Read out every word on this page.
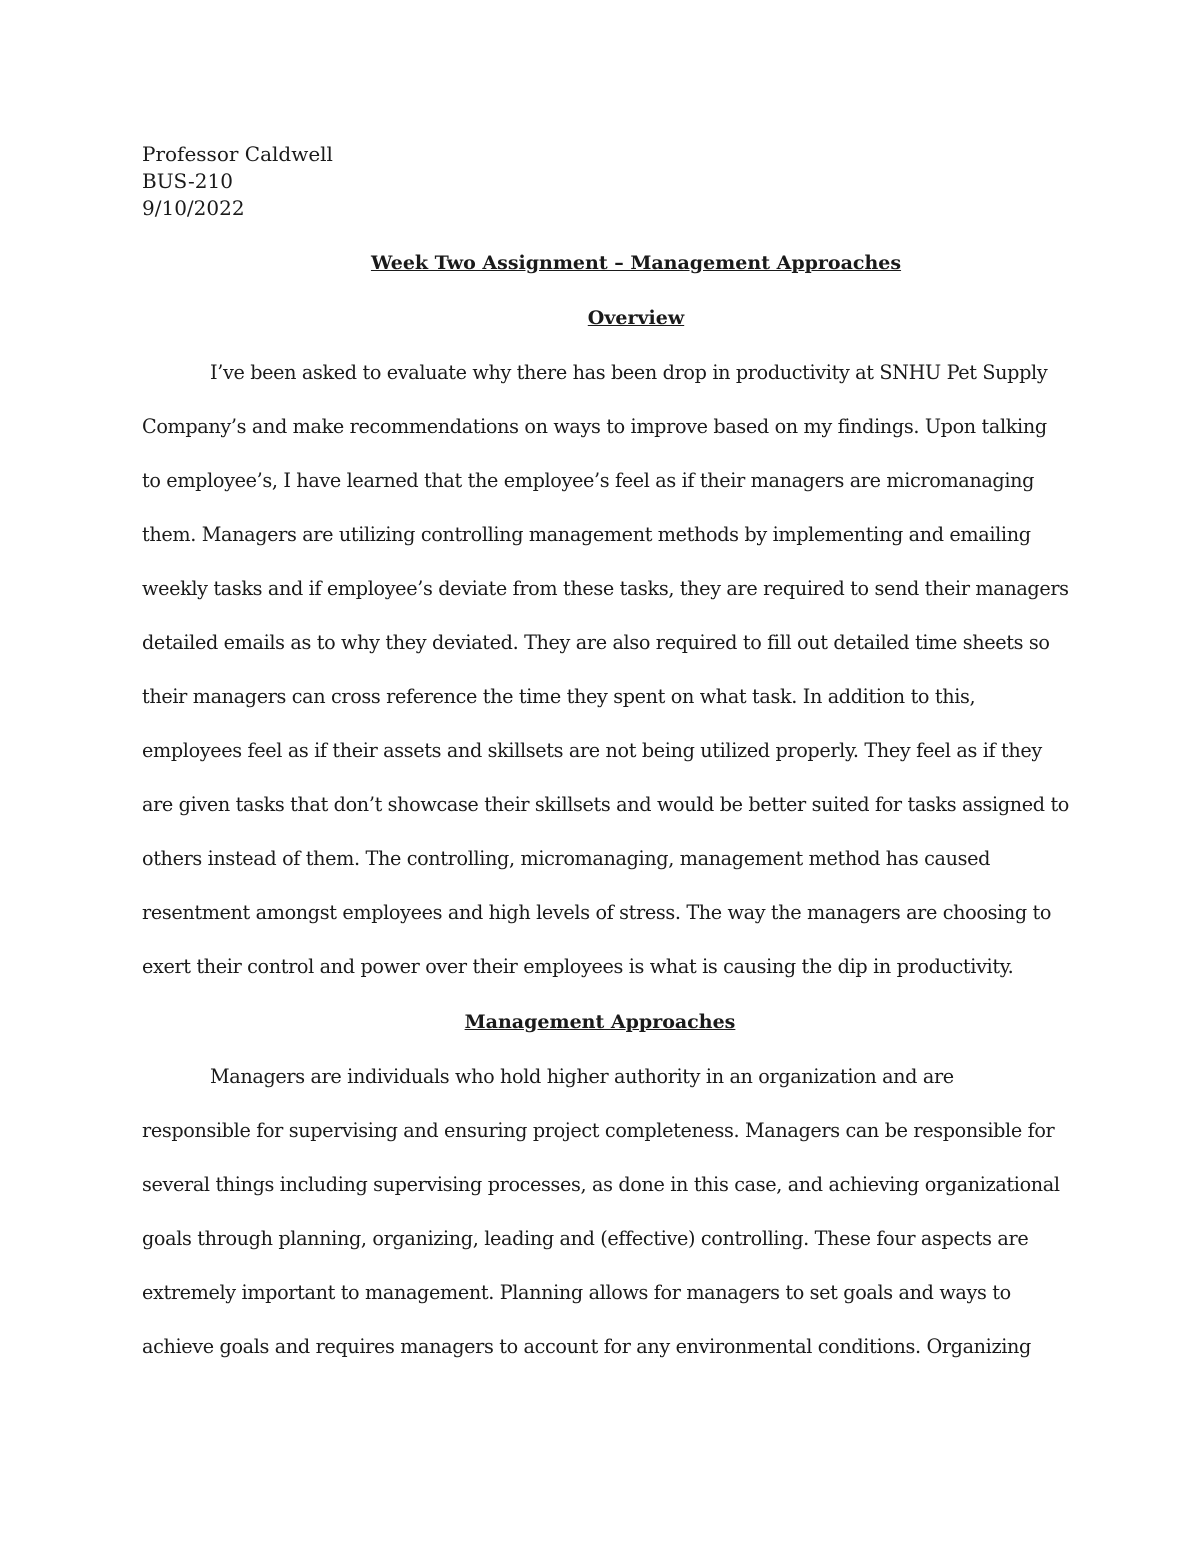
Professor Caldwell
BUS-210
9/10/2022
Week Two Assignment – Management Approaches
Overview
I’ve been asked to evaluate why there has been drop in productivity at SNHU Pet Supply
Company’s and make recommendations on ways to improve based on my findings. Upon talking
to employee’s, I have learned that the employee’s feel as if their managers are micromanaging
them. Managers are utilizing controlling management methods by implementing and emailing
weekly tasks and if employee’s deviate from these tasks, they are required to send their managers
detailed emails as to why they deviated. They are also required to fill out detailed time sheets so
their managers can cross reference the time they spent on what task. In addition to this,
employees feel as if their assets and skillsets are not being utilized properly. They feel as if they
are given tasks that don’t showcase their skillsets and would be better suited for tasks assigned to
others instead of them. The controlling, micromanaging, management method has caused
resentment amongst employees and high levels of stress. The way the managers are choosing to
exert their control and power over their employees is what is causing the dip in productivity.
Management Approaches
Managers are individuals who hold higher authority in an organization and are
responsible for supervising and ensuring project completeness. Managers can be responsible for
several things including supervising processes, as done in this case, and achieving organizational
goals through planning, organizing, leading and (effective) controlling. These four aspects are
extremely important to management. Planning allows for managers to set goals and ways to
achieve goals and requires managers to account for any environmental conditions. Organizing
